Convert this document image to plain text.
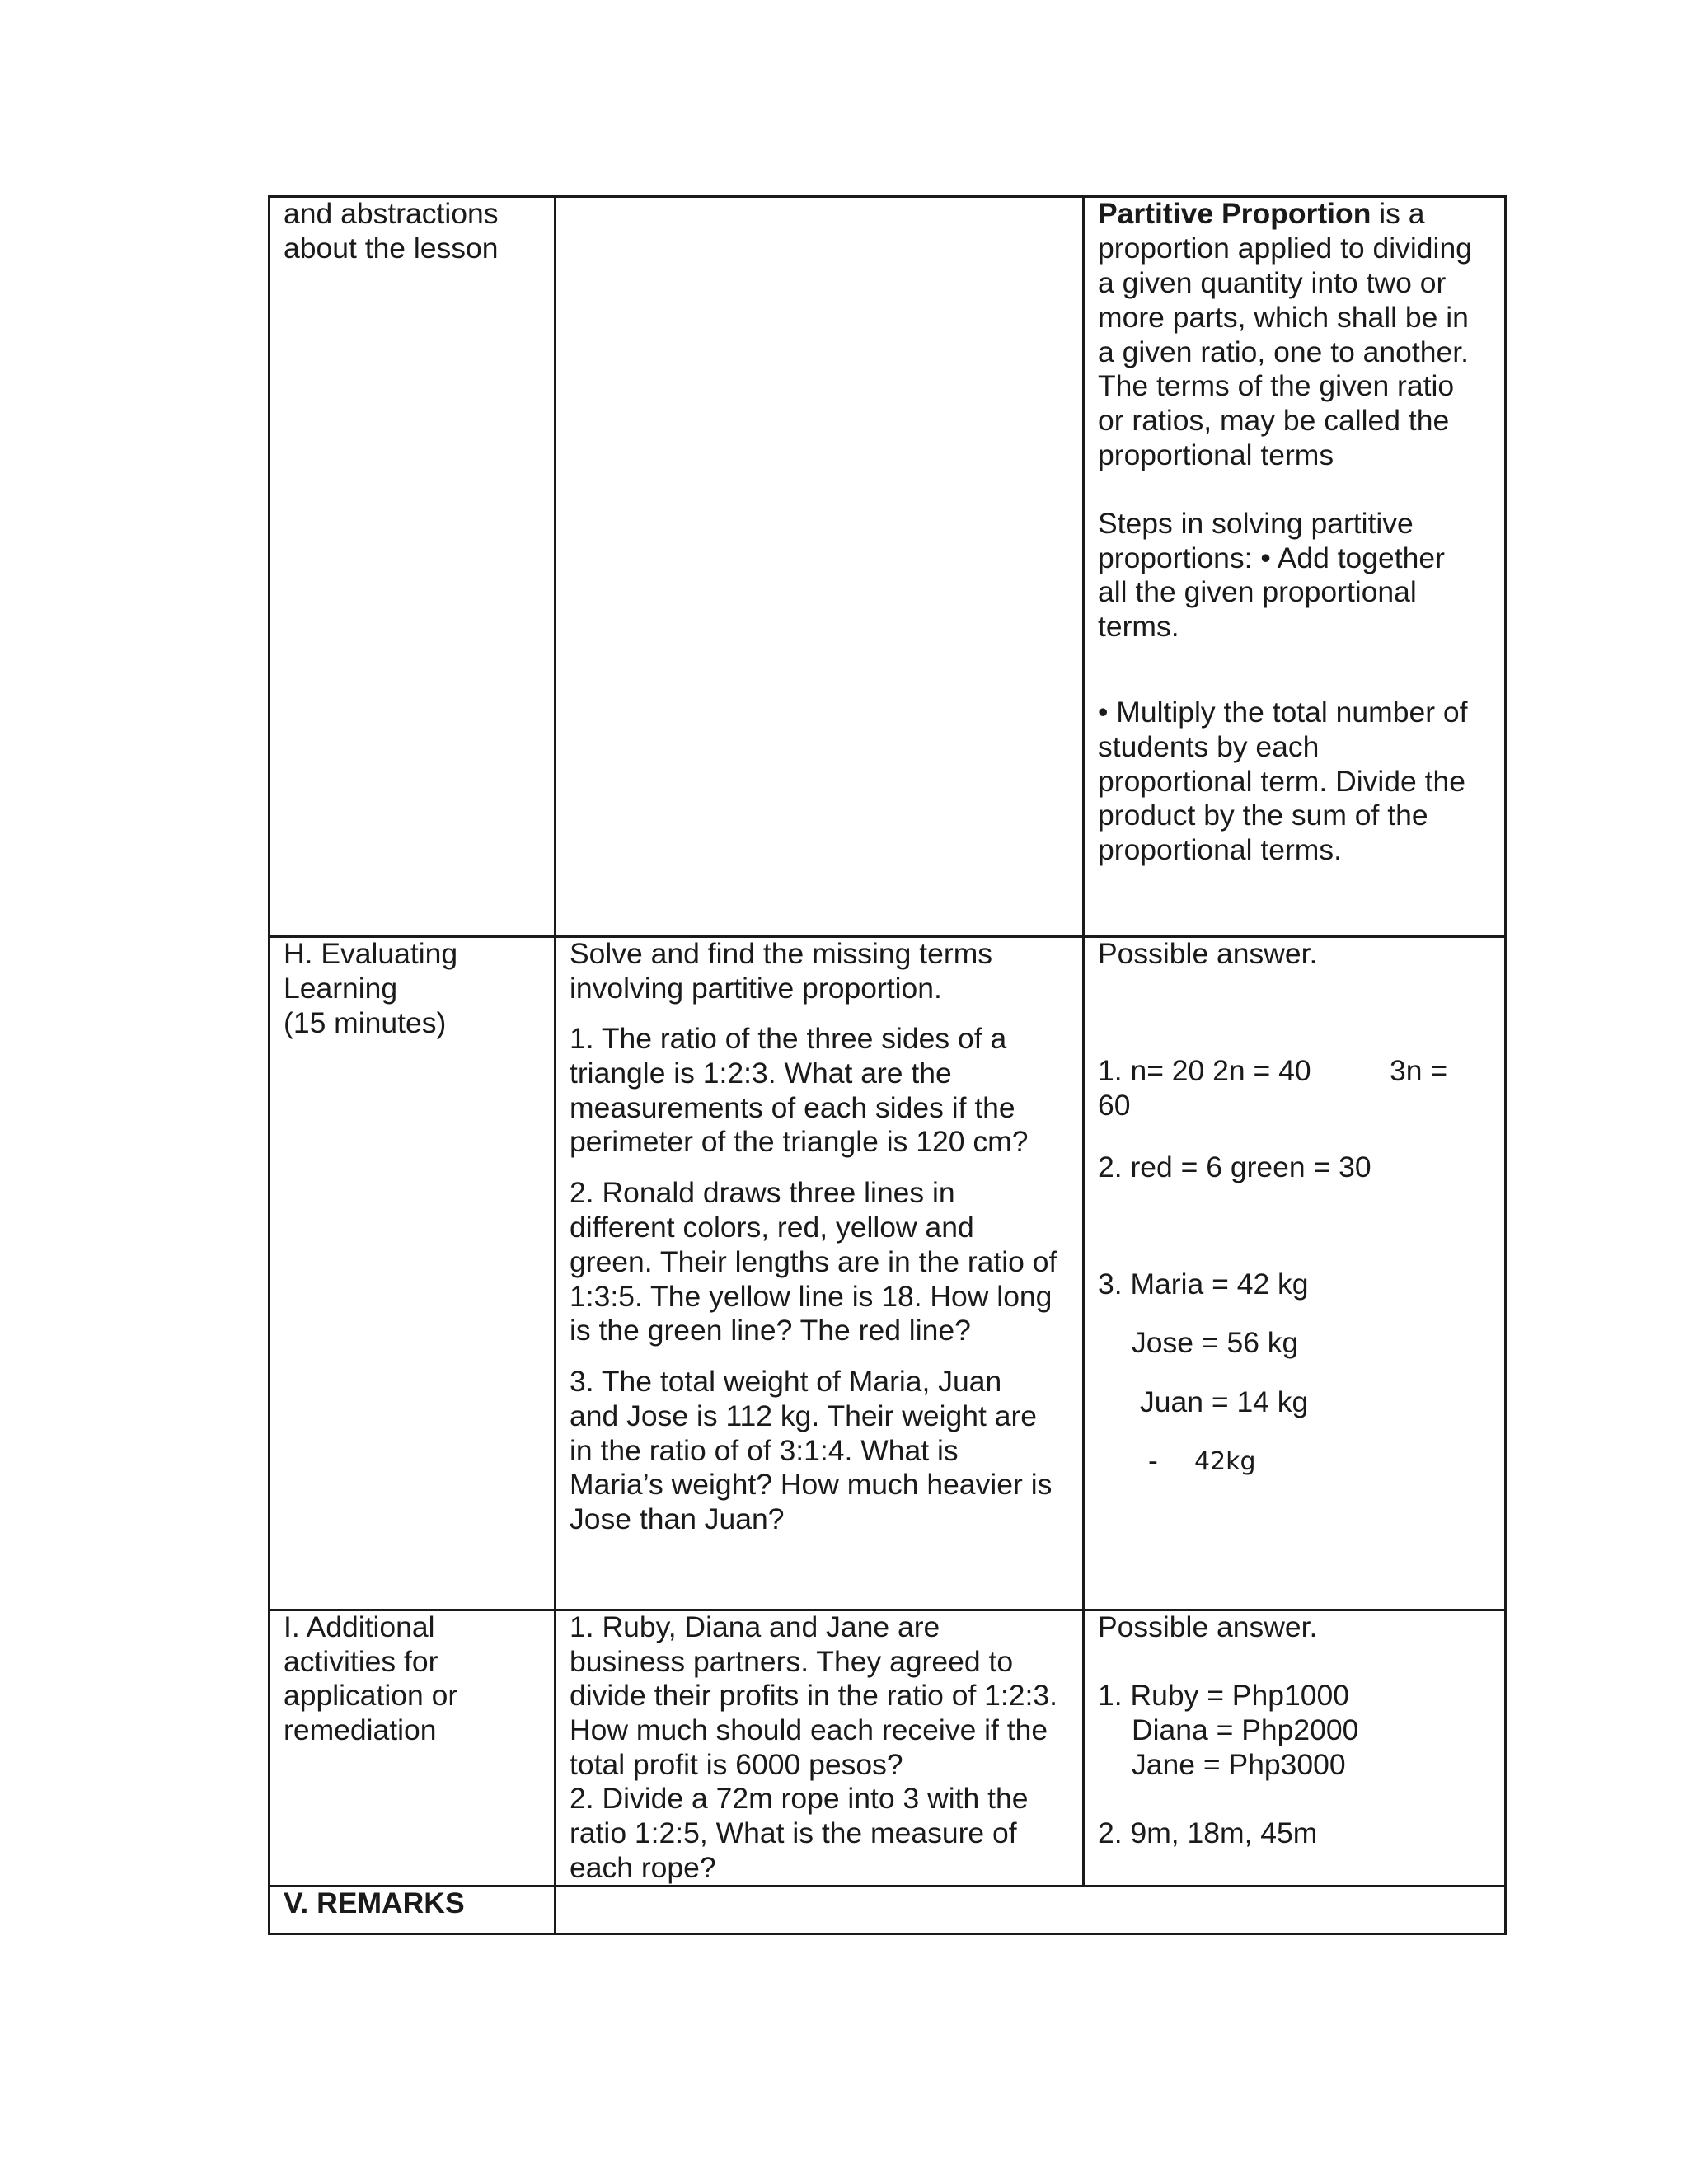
and abstractions

about the lesson

Partitive Proportion is a

proportion applied to dividing

a given quantity into two or

more parts, which shall be in

a given ratio, one to another.

The terms of the given ratio

or ratios, may be called the

proportional terms

Steps in solving partitive

proportions: • Add together

all the given proportional

terms.

• Multiply the total number of

students by each

proportional term. Divide the

product by the sum of the

proportional terms.

H. Evaluating

Learning

(15 minutes)

Solve and find the missing terms

involving partitive proportion.

1. The ratio of the three sides of a

triangle is 1:2:3. What are the

measurements of each sides if the

perimeter of the triangle is 120 cm?

2. Ronald draws three lines in

different colors, red, yellow and

green. Their lengths are in the ratio of

1:3:5. The yellow line is 18. How long

is the green line? The red line?

3. The total weight of Maria, Juan

and Jose is 112 kg. Their weight are

in the ratio of of 3:1:4. What is

Maria’s weight? How much heavier is

Jose than Juan?

Possible answer.

1. n= 20 2n = 40	3n =

60

2. red = 6 green = 30

3. Maria = 42 kg

Jose = 56 kg

Juan = 14 kg

- 42kg

I. Additional

activities for

application or

remediation

1. Ruby, Diana and Jane are

business partners. They agreed to

divide their profits in the ratio of 1:2:3.

How much should each receive if the

total profit is 6000 pesos?

2. Divide a 72m rope into 3 with the

ratio 1:2:5, What is the measure of

each rope?

Possible answer.

1. Ruby = Php1000

Diana = Php2000

Jane = Php3000

2. 9m, 18m, 45m

V. REMARKS
